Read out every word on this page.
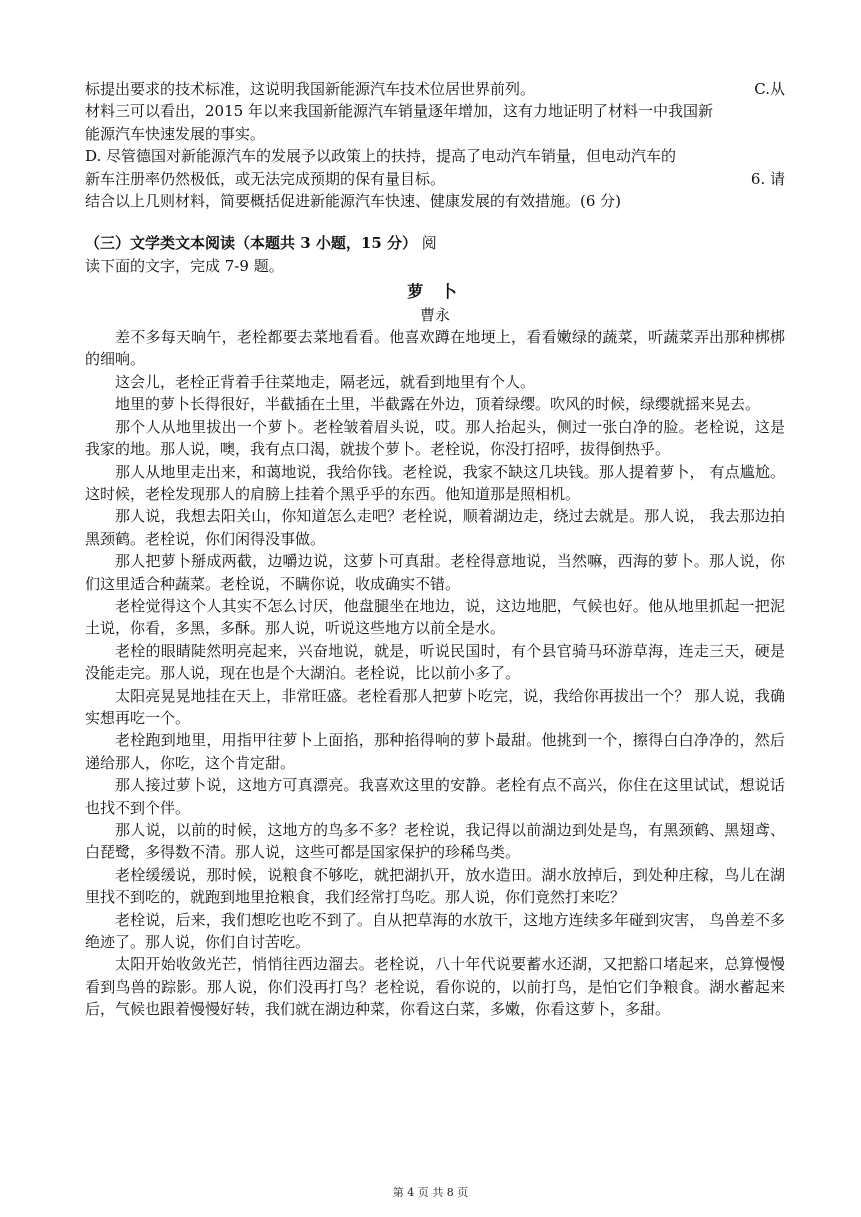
标提出要求的技术标准，这说明我国新能源汽车技术位居世界前列。	C.从
材料三可以看出，2015 年以来我国新能源汽车销量逐年增加，这有力地证明了材料一中我国新
能源汽车快速发展的事实。
D. 尽管德国对新能源汽车的发展予以政策上的扶持，提高了电动汽车销量，但电动汽车的
新车注册率仍然极低，或无法完成预期的保有量目标。	6. 请
结合以上几则材料，简要概括促进新能源汽车快速、健康发展的有效措施。(6 分)
（三）文学类文本阅读（本题共 3 小题，15 分） 阅
读下面的文字，完成 7-9 题。
萝 卜
曹永

差不多每天晌午，老栓都要去菜地看看。他喜欢蹲在地埂上，看看嫩绿的蔬菜，听蔬菜弄出那种梆梆的细响。

这会儿，老栓正背着手往菜地走，隔老远，就看到地里有个人。

地里的萝卜长得很好，半截插在土里，半截露在外边，顶着绿缨。吹风的时候，绿缨就摇来晃去。

那个人从地里拔出一个萝卜。老栓皱着眉头说，哎。那人抬起头，侧过一张白净的脸。老栓说，这是我家的地。那人说，噢，我有点口渴，就拔个萝卜。老栓说，你没打招呼，拔得倒热乎。

那人从地里走出来，和蔼地说，我给你钱。老栓说，我家不缺这几块钱。那人提着萝卜， 有点尴尬。这时候，老栓发现那人的肩膀上挂着个黑乎乎的东西。他知道那是照相机。

那人说，我想去阳关山，你知道怎么走吧？老栓说，顺着湖边走，绕过去就是。那人说， 我去那边拍黑颈鹤。老栓说，你们闲得没事做。

那人把萝卜掰成两截，边嚼边说，这萝卜可真甜。老栓得意地说，当然嘛，西海的萝卜。那人说，你们这里适合种蔬菜。老栓说，不瞒你说，收成确实不错。

老栓觉得这个人其实不怎么讨厌，他盘腿坐在地边，说，这边地肥，气候也好。他从地里抓起一把泥土说，你看，多黑，多酥。那人说，听说这些地方以前全是水。

老栓的眼睛陡然明亮起来，兴奋地说，就是，听说民国时，有个县官骑马环游草海，连走三天，硬是没能走完。那人说，现在也是个大湖泊。老栓说，比以前小多了。

太阳亮晃晃地挂在天上，非常旺盛。老栓看那人把萝卜吃完，说，我给你再拔出一个？ 那人说，我确实想再吃一个。

老栓跑到地里，用指甲往萝卜上面掐，那种掐得响的萝卜最甜。他挑到一个，擦得白白净净的，然后递给那人，你吃，这个肯定甜。

那人接过萝卜说，这地方可真漂亮。我喜欢这里的安静。老栓有点不高兴，你住在这里试试，想说话也找不到个伴。

那人说，以前的时候，这地方的鸟多不多？老栓说，我记得以前湖边到处是鸟，有黑颈鹤、黑翅鸢、白琵鹭，多得数不清。那人说，这些可都是国家保护的珍稀鸟类。

老栓缓缓说，那时候，说粮食不够吃，就把湖扒开，放水造田。湖水放掉后，到处种庄稼，鸟儿在湖里找不到吃的，就跑到地里抢粮食，我们经常打鸟吃。那人说，你们竟然打来吃？

老栓说，后来，我们想吃也吃不到了。自从把草海的水放干，这地方连续多年碰到灾害， 鸟兽差不多绝迹了。那人说，你们自讨苦吃。

太阳开始收敛光芒，悄悄往西边溜去。老栓说，八十年代说要蓄水还湖，又把豁口堵起来，总算慢慢看到鸟兽的踪影。那人说，你们没再打鸟？老栓说，看你说的，以前打鸟，是怕它们争粮食。湖水蓄起来后，气候也跟着慢慢好转，我们就在湖边种菜，你看这白菜，多嫩，你看这萝卜，多甜。

第 4 页 共 8 页
